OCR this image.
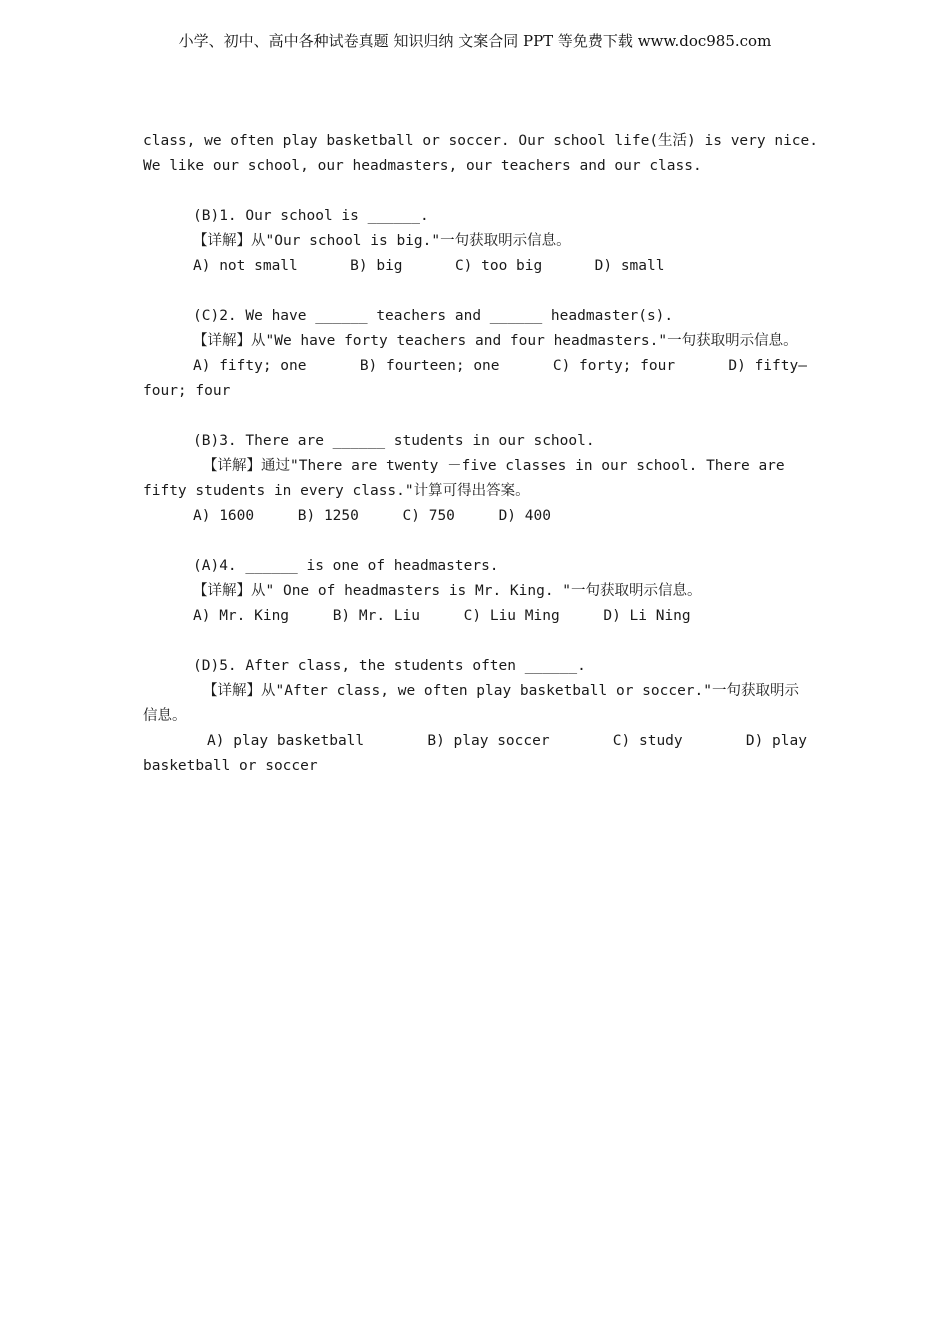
小学、初中、高中各种试卷真题 知识归纳 文案合同 PPT 等免费下载 www.doc985.com
class, we often play basketball or soccer. Our school life(生活) is very nice.
We like our school, our headmasters, our teachers and our class.
(B)1. Our school is ______.
【详解】从"Our school is big."一句获取明示信息。
A) not small	B) big	C) too big	D) small
(C)2. We have ______ teachers and ______ headmaster(s).
【详解】从"We have forty teachers and four headmasters."一句获取明示信息。
A) fifty; one	B) fourteen; one	C) forty; four	D) fifty—
four; four
(B)3. There are ______ students in our school.
【详解】通过"There are twenty －five classes in our school. There are
fifty students in every class."计算可得出答案。
A) 1600	B) 1250	C) 750	D) 400
(A)4. ______ is one of headmasters.
【详解】从" One of headmasters is Mr. King. "一句获取明示信息。
A) Mr. King	B) Mr. Liu	C) Liu Ming	D) Li Ning
(D)5. After class, the students often ______.
【详解】从"After class, we often play basketball or soccer."一句获取明示
信息。
A) play basketball	B) play soccer	C) study	D) play
basketball or soccer
